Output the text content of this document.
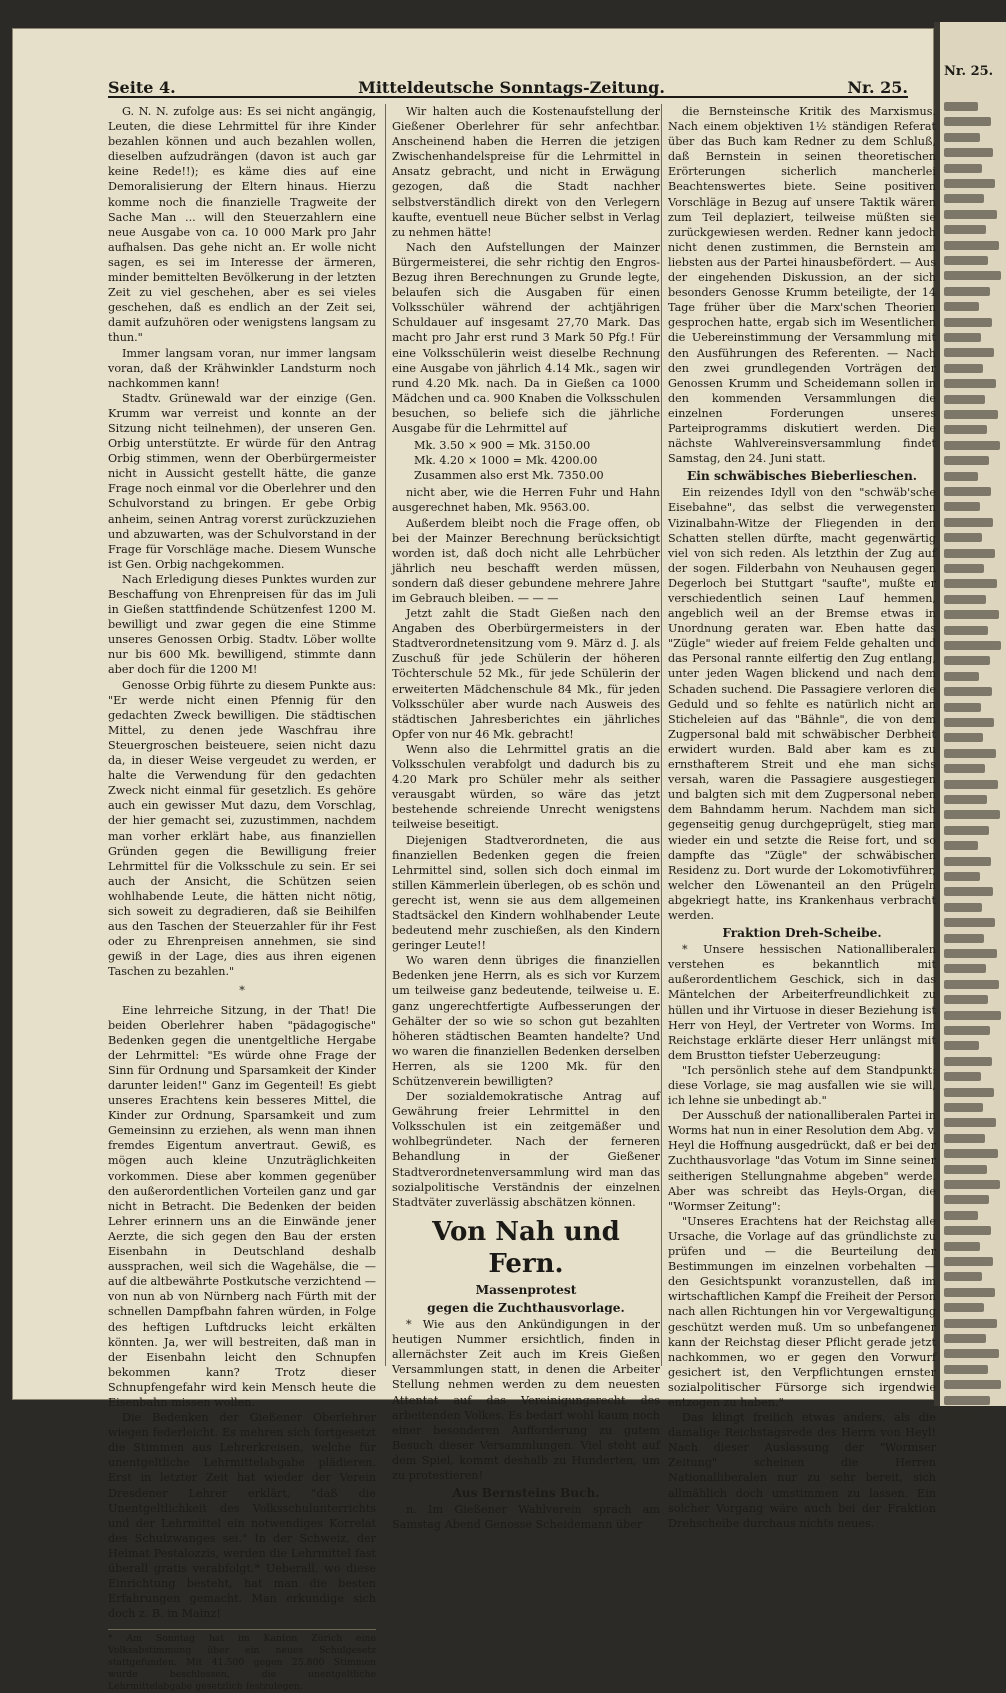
Nr. 25.
Seite 4.	Mitteldeutsche Sonntags-Zeitung.	Nr. 25.

G. N. N. zufolge aus: Es sei nicht angängig, Leuten, die diese Lehrmittel für ihre Kinder bezahlen können und auch bezahlen wollen, dieselben aufzudrängen (davon ist auch gar keine Rede!!); es käme dies auf eine Demoralisierung der Eltern hinaus. Hierzu komme noch die finanzielle Tragweite der Sache Man ... will den Steuerzahlern eine neue Ausgabe von ca. 10 000 Mark pro Jahr aufhalsen. Das gehe nicht an. Er wolle nicht sagen, es sei im Interesse der ärmeren, minder bemittelten Bevölkerung in der letzten Zeit zu viel geschehen, aber es sei vieles geschehen, daß es endlich an der Zeit sei, damit aufzuhören oder wenigstens langsam zu thun."

Immer langsam voran, nur immer langsam voran, daß der Krähwinkler Landsturm noch nachkommen kann!

Stadtv. Grünewald war der einzige (Gen. Krumm war verreist und konnte an der Sitzung nicht teilnehmen), der unseren Gen. Orbig unterstützte. Er würde für den Antrag Orbig stimmen, wenn der Oberbürgermeister nicht in Aussicht gestellt hätte, die ganze Frage noch einmal vor die Oberlehrer und den Schulvorstand zu bringen. Er gebe Orbig anheim, seinen Antrag vorerst zurückzuziehen und abzuwarten, was der Schulvorstand in der Frage für Vorschläge mache. Diesem Wunsche ist Gen. Orbig nachgekommen.

Nach Erledigung dieses Punktes wurden zur Beschaffung von Ehrenpreisen für das im Juli in Gießen stattfindende Schützenfest 1200 M. bewilligt und zwar gegen die eine Stimme unseres Genossen Orbig. Stadtv. Löber wollte nur bis 600 Mk. bewilligend, stimmte dann aber doch für die 1200 M!

Genosse Orbig führte zu diesem Punkte aus: "Er werde nicht einen Pfennig für den gedachten Zweck bewilligen. Die städtischen Mittel, zu denen jede Waschfrau ihre Steuergroschen beisteuere, seien nicht dazu da, in dieser Weise vergeudet zu werden, er halte die Verwendung für den gedachten Zweck nicht einmal für gesetzlich. Es gehöre auch ein gewisser Mut dazu, dem Vorschlag, der hier gemacht sei, zuzustimmen, nachdem man vorher erklärt habe, aus finanziellen Gründen gegen die Bewilligung freier Lehrmittel für die Volksschule zu sein. Er sei auch der Ansicht, die Schützen seien wohlhabende Leute, die hätten nicht nötig, sich soweit zu degradieren, daß sie Beihilfen aus den Taschen der Steuerzahler für ihr Fest oder zu Ehrenpreisen annehmen, sie sind gewiß in der Lage, dies aus ihren eigenen Taschen zu bezahlen."

*

Eine lehrreiche Sitzung, in der That! Die beiden Oberlehrer haben "pädagogische" Bedenken gegen die unentgeltliche Hergabe der Lehrmittel: "Es würde ohne Frage der Sinn für Ordnung und Sparsamkeit der Kinder darunter leiden!" Ganz im Gegenteil! Es giebt unseres Erachtens kein besseres Mittel, die Kinder zur Ordnung, Sparsamkeit und zum Gemeinsinn zu erziehen, als wenn man ihnen fremdes Eigentum anvertraut. Gewiß, es mögen auch kleine Unzuträglichkeiten vorkommen. Diese aber kommen gegenüber den außerordentlichen Vorteilen ganz und gar nicht in Betracht. Die Bedenken der beiden Lehrer erinnern uns an die Einwände jener Aerzte, die sich gegen den Bau der ersten Eisenbahn in Deutschland deshalb aussprachen, weil sich die Wagehälse, die — auf die altbewährte Postkutsche verzichtend — von nun ab von Nürnberg nach Fürth mit der schnellen Dampfbahn fahren würden, in Folge des heftigen Luftdrucks leicht erkälten könnten. Ja, wer will bestreiten, daß man in der Eisenbahn leicht den Schnupfen bekommen kann? Trotz dieser Schnupfengefahr wird kein Mensch heute die Eisenbahn missen wollen.

Die Bedenken der Gießener Oberlehrer wiegen federleicht. Es mehren sich fortgesetzt die Stimmen aus Lehrerkreisen, welche für unentgeltliche Lehrmittelabgabe plädieren. Erst in letzter Zeit hat wieder der Verein Dresdener Lehrer erklärt, "daß die Unentgeltlichkeit des Volksschulunterrichts und der Lehrmittel ein notwendiges Korrelat des Schulzwanges sei." In der Schweiz, der Heimat Pestalozzis, werden die Lehrmittel fast überall gratis verabfolgt.* Ueberall, wo diese Einrichtung besteht, hat man die besten Erfahrungen gemacht. Man erkundige sich doch z. B. in Mainz!

* Am Sonntag hat im Kanton Zürich eine Volksabstimmung über ein neues Schulgesetz stattgefunden. Mit 41.500 gegen 25.800 Stimmen wurde beschlossen, die unentgeltliche Lehrmittelabgabe gesetzlich festzulegen.

Wir halten auch die Kostenaufstellung der Gießener Oberlehrer für sehr anfechtbar. Anscheinend haben die Herren die jetzigen Zwischenhandelspreise für die Lehrmittel in Ansatz gebracht, und nicht in Erwägung gezogen, daß die Stadt nachher selbstverständlich direkt von den Verlegern kaufte, eventuell neue Bücher selbst in Verlag zu nehmen hätte!

Nach den Aufstellungen der Mainzer Bürgermeisterei, die sehr richtig den Engros-Bezug ihren Berechnungen zu Grunde legte, belaufen sich die Ausgaben für einen Volksschüler während der achtjährigen Schuldauer auf insgesamt 27,70 Mark. Das macht pro Jahr erst rund 3 Mark 50 Pfg.! Für eine Volksschülerin weist dieselbe Rechnung eine Ausgabe von jährlich 4.14 Mk., sagen wir rund 4.20 Mk. nach. Da in Gießen ca 1000 Mädchen und ca. 900 Knaben die Volksschulen besuchen, so beliefe sich die jährliche Ausgabe für die Lehrmittel auf

Mk. 3.50 × 900 = Mk. 3150.00
Mk. 4.20 × 1000 = Mk. 4200.00
Zusammen also erst Mk. 7350.00

nicht aber, wie die Herren Fuhr und Hahn ausgerechnet haben, Mk. 9563.00.

Außerdem bleibt noch die Frage offen, ob bei der Mainzer Berechnung berücksichtigt worden ist, daß doch nicht alle Lehrbücher jährlich neu beschafft werden müssen, sondern daß dieser gebundene mehrere Jahre im Gebrauch bleiben. — — —

Jetzt zahlt die Stadt Gießen nach den Angaben des Oberbürgermeisters in der Stadtverordnetensitzung vom 9. März d. J. als Zuschuß für jede Schülerin der höheren Töchterschule 52 Mk., für jede Schülerin der erweiterten Mädchenschule 84 Mk., für jeden Volksschüler aber wurde nach Ausweis des städtischen Jahresberichtes ein jährliches Opfer von nur 46 Mk. gebracht!

Wenn also die Lehrmittel gratis an die Volksschulen verabfolgt und dadurch bis zu 4.20 Mark pro Schüler mehr als seither verausgabt würden, so wäre das jetzt bestehende schreiende Unrecht wenigstens teilweise beseitigt.

Diejenigen Stadtverordneten, die aus finanziellen Bedenken gegen die freien Lehrmittel sind, sollen sich doch einmal im stillen Kämmerlein überlegen, ob es schön und gerecht ist, wenn sie aus dem allgemeinen Stadtsäckel den Kindern wohlhabender Leute bedeutend mehr zuschießen, als den Kindern geringer Leute!!

Wo waren denn übriges die finanziellen Bedenken jene Herrn, als es sich vor Kurzem um teilweise ganz bedeutende, teilweise u. E. ganz ungerechtfertigte Aufbesserungen der Gehälter der so wie so schon gut bezahlten höheren städtischen Beamten handelte? Und wo waren die finanziellen Bedenken derselben Herren, als sie 1200 Mk. für den Schützenverein bewilligten?

Der sozialdemokratische Antrag auf Gewährung freier Lehrmittel in den Volksschulen ist ein zeitgemäßer und wohlbegründeter. Nach der ferneren Behandlung in der Gießener Stadtverordnetenversammlung wird man das sozialpolitische Verständnis der einzelnen Stadtväter zuverlässig abschätzen können.

Von Nah und Fern.
Massenprotest
gegen die Zuchthausvorlage.

* Wie aus den Ankündigungen in der heutigen Nummer ersichtlich, finden in allernächster Zeit auch im Kreis Gießen Versammlungen statt, in denen die Arbeiter Stellung nehmen werden zu dem neuesten Attentat auf das Vereinigungsrecht des arbeitenden Volkes. Es bedarf wohl kaum noch einer besonderen Aufforderung zu gutem Besuch dieser Versammlungen. Viel steht auf dem Spiel, kommt deshalb zu Hunderten, um zu protestieren!

Aus Bernsteins Buch.

n. Im Gießener Wahlverein sprach am Samstag Abend Genosse Scheidemann über

die Bernsteinsche Kritik des Marxismus. Nach einem objektiven 1½ ständigen Referat über das Buch kam Redner zu dem Schluß, daß Bernstein in seinen theoretischen Erörterungen sicherlich mancherlei Beachtenswertes biete. Seine positiven Vorschläge in Bezug auf unsere Taktik wären zum Teil deplaziert, teilweise müßten sie zurückgewiesen werden. Redner kann jedoch nicht denen zustimmen, die Bernstein am liebsten aus der Partei hinausbefördert. — Aus der eingehenden Diskussion, an der sich besonders Genosse Krumm beteiligte, der 14 Tage früher über die Marx'schen Theorien gesprochen hatte, ergab sich im Wesentlichen die Uebereinstimmung der Versammlung mit den Ausführungen des Referenten. — Nach den zwei grundlegenden Vorträgen der Genossen Krumm und Scheidemann sollen in den kommenden Versammlungen die einzelnen Forderungen unseres Parteiprogramms diskutiert werden. Die nächste Wahlvereinsversammlung findet Samstag, den 24. Juni statt.

Ein schwäbisches Bieberlieschen.

Ein reizendes Idyll von den "schwäb'sche Eisebahne", das selbst die verwegensten Vizinalbahn-Witze der Fliegenden in den Schatten stellen dürfte, macht gegenwärtig viel von sich reden. Als letzthin der Zug auf der sogen. Filderbahn von Neuhausen gegen Degerloch bei Stuttgart "saufte", mußte er verschiedentlich seinen Lauf hemmen, angeblich weil an der Bremse etwas in Unordnung geraten war. Eben hatte das "Zügle" wieder auf freiem Felde gehalten und das Personal rannte eilfertig den Zug entlang, unter jeden Wagen blickend und nach dem Schaden suchend. Die Passagiere verloren die Geduld und so fehlte es natürlich nicht an Sticheleien auf das "Bähnle", die von dem Zugpersonal bald mit schwäbischer Derbheit erwidert wurden. Bald aber kam es zu ernsthafterem Streit und ehe man sichs versah, waren die Passagiere ausgestiegen und balgten sich mit dem Zugpersonal neben dem Bahndamm herum. Nachdem man sich gegenseitig genug durchgeprügelt, stieg man wieder ein und setzte die Reise fort, und so dampfte das "Zügle" der schwäbischen Residenz zu. Dort wurde der Lokomotivführer, welcher den Löwenanteil an den Prügeln abgekriegt hatte, ins Krankenhaus verbracht werden.

Fraktion Dreh-Scheibe.

* Unsere hessischen Nationalliberalen verstehen es bekanntlich mit außerordentlichem Geschick, sich in das Mäntelchen der Arbeiterfreundlichkeit zu hüllen und ihr Virtuose in dieser Beziehung ist Herr von Heyl, der Vertreter von Worms. Im Reichstage erklärte dieser Herr unlängst mit dem Brustton tiefster Ueberzeugung:

"Ich persönlich stehe auf dem Standpunkt: diese Vorlage, sie mag ausfallen wie sie will, ich lehne sie unbedingt ab."

Der Ausschuß der nationalliberalen Partei in Worms hat nun in einer Resolution dem Abg. v. Heyl die Hoffnung ausgedrückt, daß er bei der Zuchthausvorlage "das Votum im Sinne seiner seitherigen Stellungnahme abgeben" werde. Aber was schreibt das Heyls-Organ, die "Wormser Zeitung":

"Unseres Erachtens hat der Reichstag alle Ursache, die Vorlage auf das gründlichste zu prüfen und — die Beurteilung der Bestimmungen im einzelnen vorbehalten — den Gesichtspunkt voranzustellen, daß im wirtschaftlichen Kampf die Freiheit der Person nach allen Richtungen hin vor Vergewaltigung geschützt werden muß. Um so unbefangener kann der Reichstag dieser Pflicht gerade jetzt nachkommen, wo er gegen den Vorwurf gesichert ist, den Verpflichtungen ernster sozialpolitischer Fürsorge sich irgendwie entzogen zu haben."

Das klingt freilich etwas anders, als die damalige Reichstagsrede des Herrn von Heyl! Nach dieser Auslassung der "Wormser Zeitung" scheinen die Herren Nationalliberalen nur zu sehr bereit, sich allmählich doch umstimmen zu lassen. Ein solcher Vorgang wäre auch bei der Fraktion Drehscheibe durchaus nichts neues.
